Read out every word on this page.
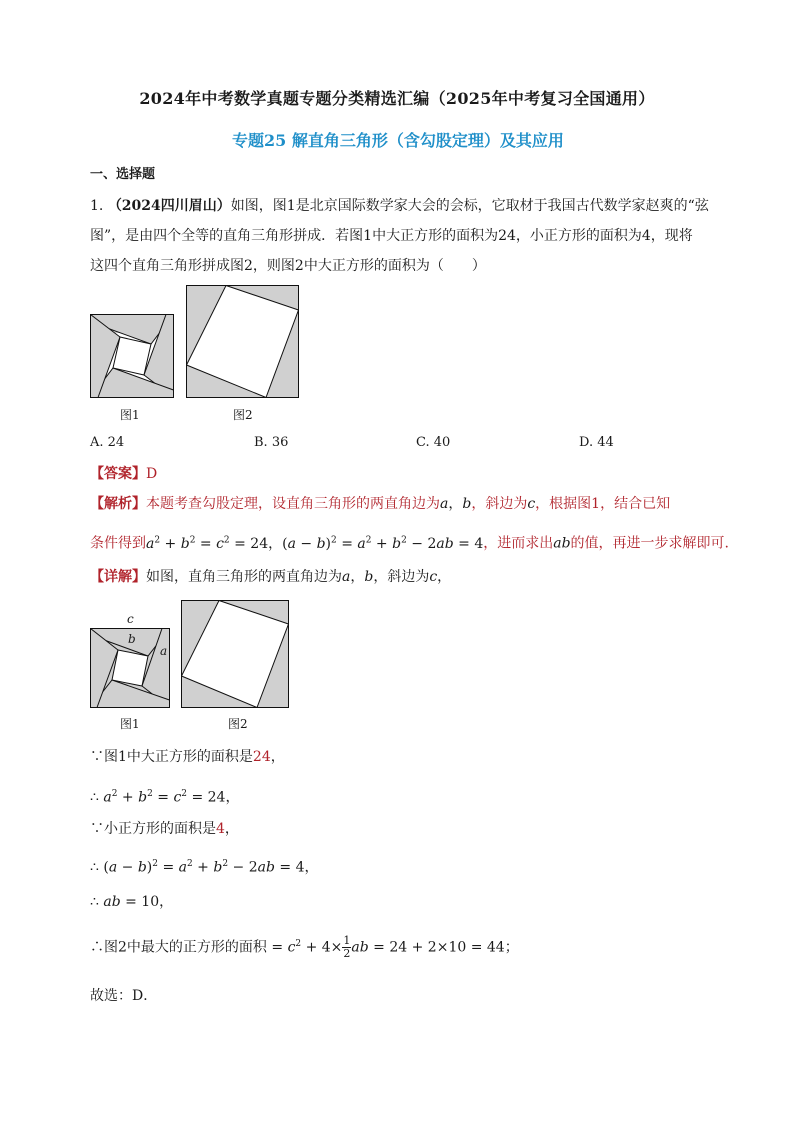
2024年中考数学真题专题分类精选汇编（2025年中考复习全国通用）
专题25 解直角三角形（含勾股定理）及其应用
一、选择题
1. （2024四川眉山）如图，图1是北京国际数学家大会的会标，它取材于我国古代数学家赵爽的“弦
图”，是由四个全等的直角三角形拼成．若图1中大正方形的面积为24，小正方形的面积为4，现将
这四个直角三角形拼成图2，则图2中大正方形的面积为（　　）
图1	图2
A. 24	B. 36	C. 40	D. 44
【答案】D
【解析】本题考查勾股定理，设直角三角形的两直角边为a，b，斜边为c，根据图1，结合已知
条件得到$a^2 + b^2 = c^2 = 24$，$(a - b)^2 = a^2 + b^2 - 2ab = 4$，进而求出ab的值，再进一步求解即可.
【详解】如图，直角三角形的两直角边为a，b，斜边为c，
c
b
a
图1	图2
∵图1中大正方形的面积是24，
∴ $a^2 + b^2 = c^2 = 24$，
∵小正方形的面积是4，
∴ $(a - b)^2 = a^2 + b^2 - 2ab = 4$，
∴ ab = 10，
∴图2中最大的正方形的面积 = $c^2 + 4\times \frac{1}{2}$ ab = 24 + 2×10 = 44；
故选：D．
